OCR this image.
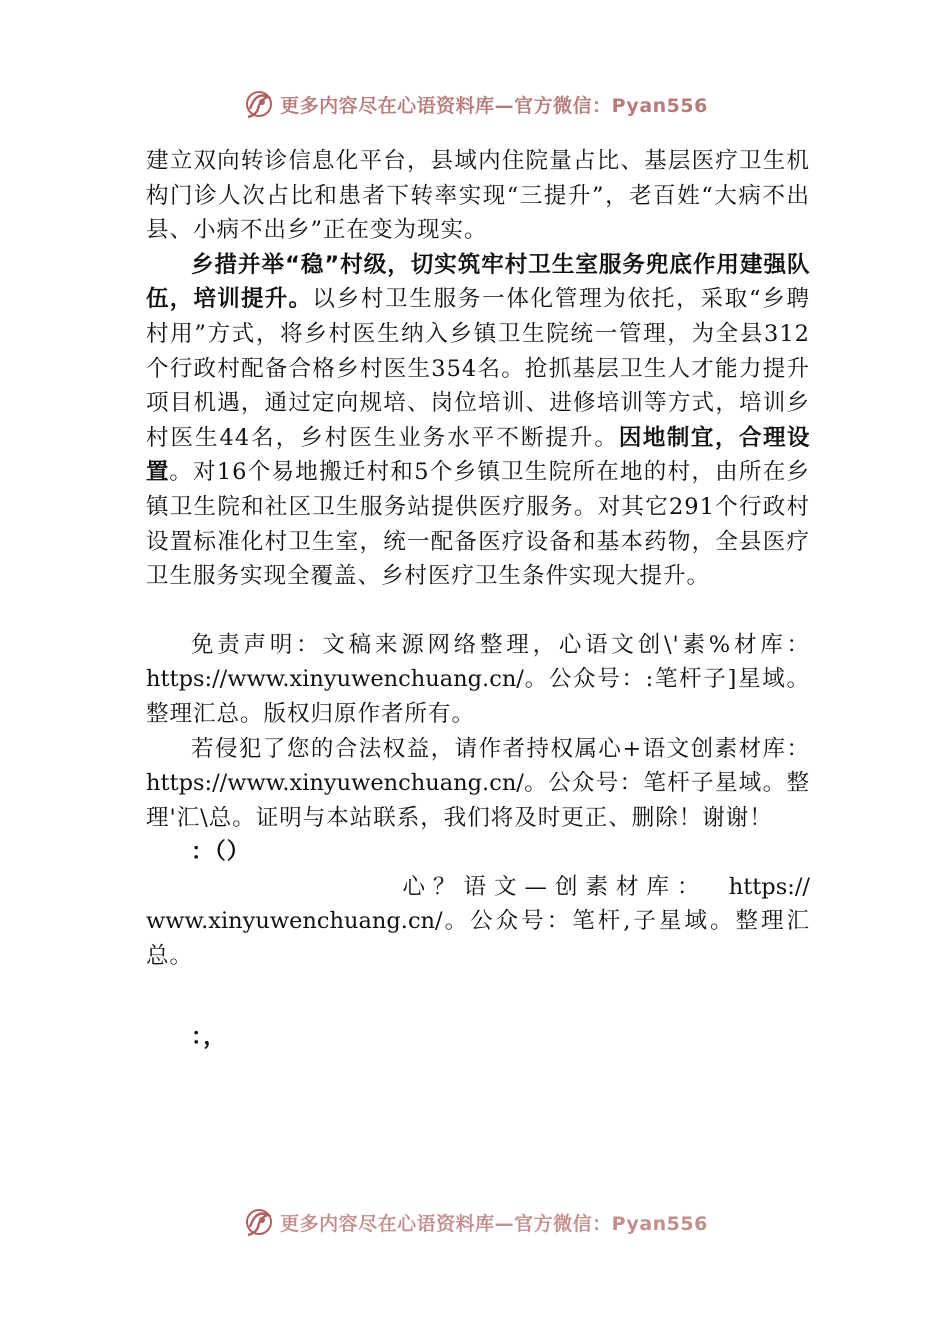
更多内容尽在心语资料库—官方微信：Pyan556

建立双向转诊信息化平台，县域内住院量占比、基层医疗卫生机构门诊人次占比和患者下转率实现“三提升”，老百姓“大病不出县、小病不出乡”正在变为现实。

乡措并举“稳”村级，切实筑牢村卫生室服务兜底作用建强队伍，培训提升。以乡村卫生服务一体化管理为依托，采取“乡聘村用”方式，将乡村医生纳入乡镇卫生院统一管理，为全县312个行政村配备合格乡村医生354名。抢抓基层卫生人才能力提升项目机遇，通过定向规培、岗位培训、进修培训等方式，培训乡村医生44名，乡村医生业务水平不断提升。因地制宜，合理设置。对16个易地搬迁村和5个乡镇卫生院所在地的村，由所在乡镇卫生院和社区卫生服务站提供医疗服务。对其它291个行政村设置标准化村卫生室，统一配备医疗设备和基本药物，全县医疗卫生服务实现全覆盖、乡村医疗卫生条件实现大提升。

免责声明：文稿来源网络整理，心语文创\'素%材库：https://www.xinyuwenchuang.cn/。公众号：:笔杆子]星域。整理汇总。版权归原作者所有。

若侵犯了您的合法权益，请作者持权属心+语文创素材库：https://www.xinyuwenchuang.cn/。公众号：笔杆子星域。整理'汇\总。证明与本站联系，我们将及时更正、删除！谢谢！

：（）

心？语文—创素材库： https://

www.xinyuwenchuang.cn/。公众号：笔杆,子星域。整理汇总。

：，

更多内容尽在心语资料库—官方微信：Pyan556
